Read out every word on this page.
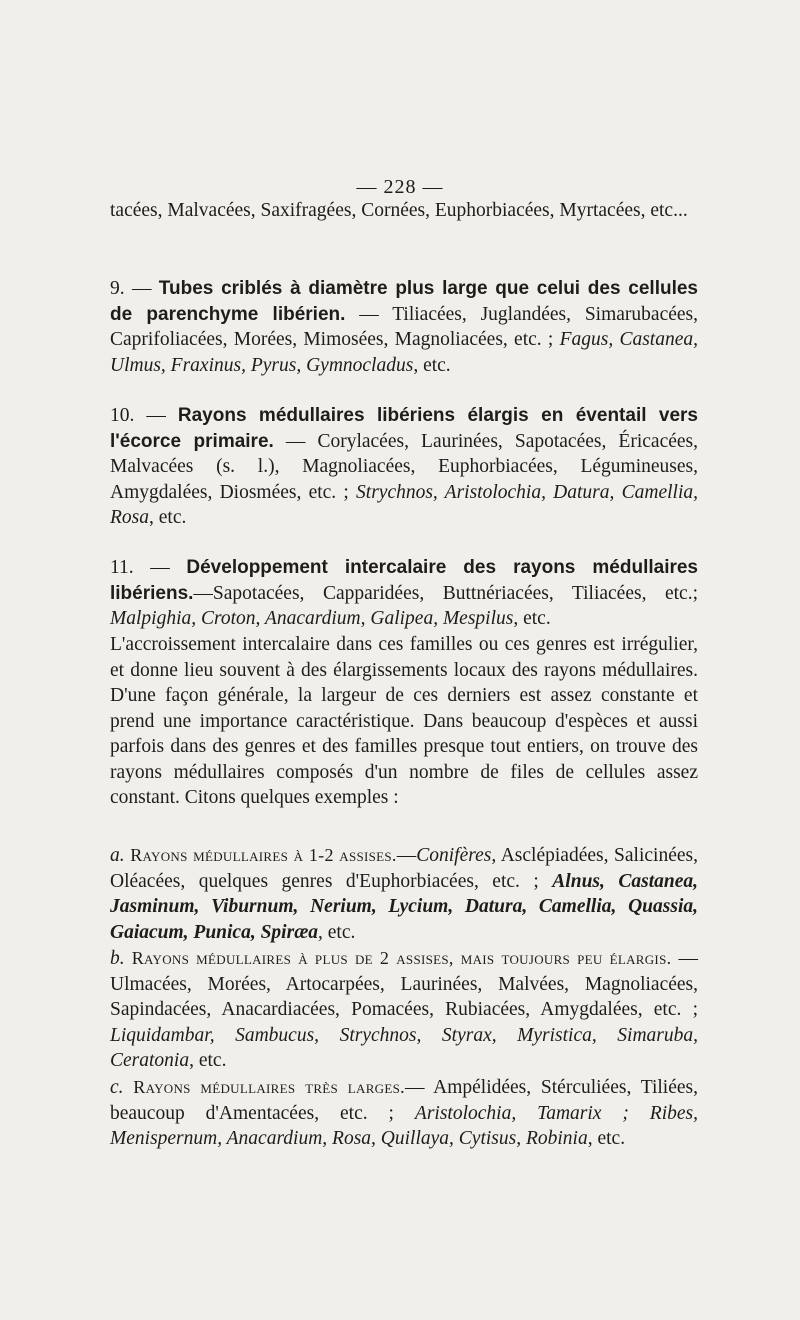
— 228 —

tacées, Malvacées, Saxifragées, Cornées, Euphorbiacées, Myrtacées, etc...

9. — Tubes criblés à diamètre plus large que celui des cellules de parenchyme libérien. — Tiliacées, Juglandées, Simarubacées, Caprifoliacées, Morées, Mimosées, Magnoliacées, etc. ; Fagus, Castanea, Ulmus, Fraxinus, Pyrus, Gymnocladus, etc.

10. — Rayons médullaires libériens élargis en éventail vers l'écorce primaire. — Corylacées, Laurinées, Sapotacées, Éricacées, Malvacées (s. l.), Magnoliacées, Euphorbiacées, Légumineuses, Amygdalées, Diosmées, etc. ; Strychnos, Aristolochia, Datura, Camellia, Rosa, etc.

11. — Développement intercalaire des rayons médullaires libériens.—Sapotacées, Capparidées, Buttnériacées, Tiliacées, etc.; Malpighia, Croton, Anacardium, Galipea, Mespilus, etc.

L'accroissement intercalaire dans ces familles ou ces genres est irrégulier, et donne lieu souvent à des élargissements locaux des rayons médullaires. D'une façon générale, la largeur de ces derniers est assez constante et prend une importance caractéristique. Dans beaucoup d'espèces et aussi parfois dans des genres et des familles presque tout entiers, on trouve des rayons médullaires composés d'un nombre de files de cellules assez constant. Citons quelques exemples :

a. Rayons médullaires à 1-2 assises.—Conifères, Asclépiadées, Salicinées, Oléacées, quelques genres d'Euphorbiacées, etc. ; Alnus, Castanea, Jasminum, Viburnum, Nerium, Lycium, Datura, Camellia, Quassia, Gaiacum, Punica, Spiræa, etc.

b. Rayons médullaires à plus de 2 assises, mais toujours peu élargis. — Ulmacées, Morées, Artocarpées, Laurinées, Malvées, Magnoliacées, Sapindacées, Anacardiacées, Pomacées, Rubiacées, Amygdalées, etc. ; Liquidambar, Sambucus, Strychnos, Styrax, Myristica, Simaruba, Ceratonia, etc.

c. Rayons médullaires très larges.— Ampélidées, Stérculiées, Tiliées, beaucoup d'Amentacées, etc. ; Aristolochia, Tamarix ; Ribes, Menispernum, Anacardium, Rosa, Quillaya, Cytisus, Robinia, etc.
